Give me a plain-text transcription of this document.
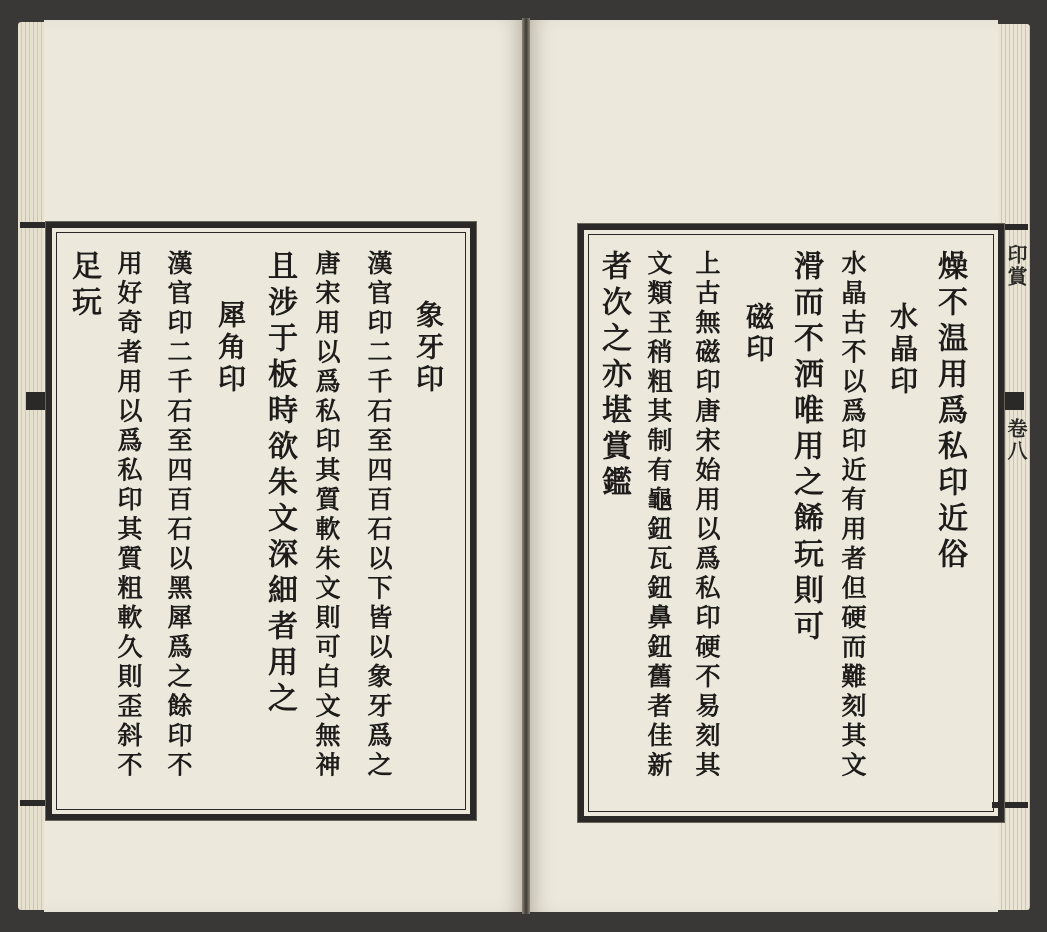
印賞
卷八
象牙印
漢官印二千石至四百石以下皆以象牙爲之
唐宋用以爲私印其質軟朱文則可白文無神
且涉于板時欲朱文深細者用之
犀角印
漢官印二千石至四百石以黑犀爲之餘印不
用好奇者用以爲私印其質粗軟久則歪斜不
足玩	燥不温用爲私印近俗
水晶印
水晶古不以爲印近有用者但硬而難刻其文
滑而不洒唯用之餙玩則可
磁印
上古無磁印唐宋始用以爲私印硬不易刻其
文類玊稍粗其制有龜鈕瓦鈕鼻鈕舊者佳新
者次之亦堪賞鑑
